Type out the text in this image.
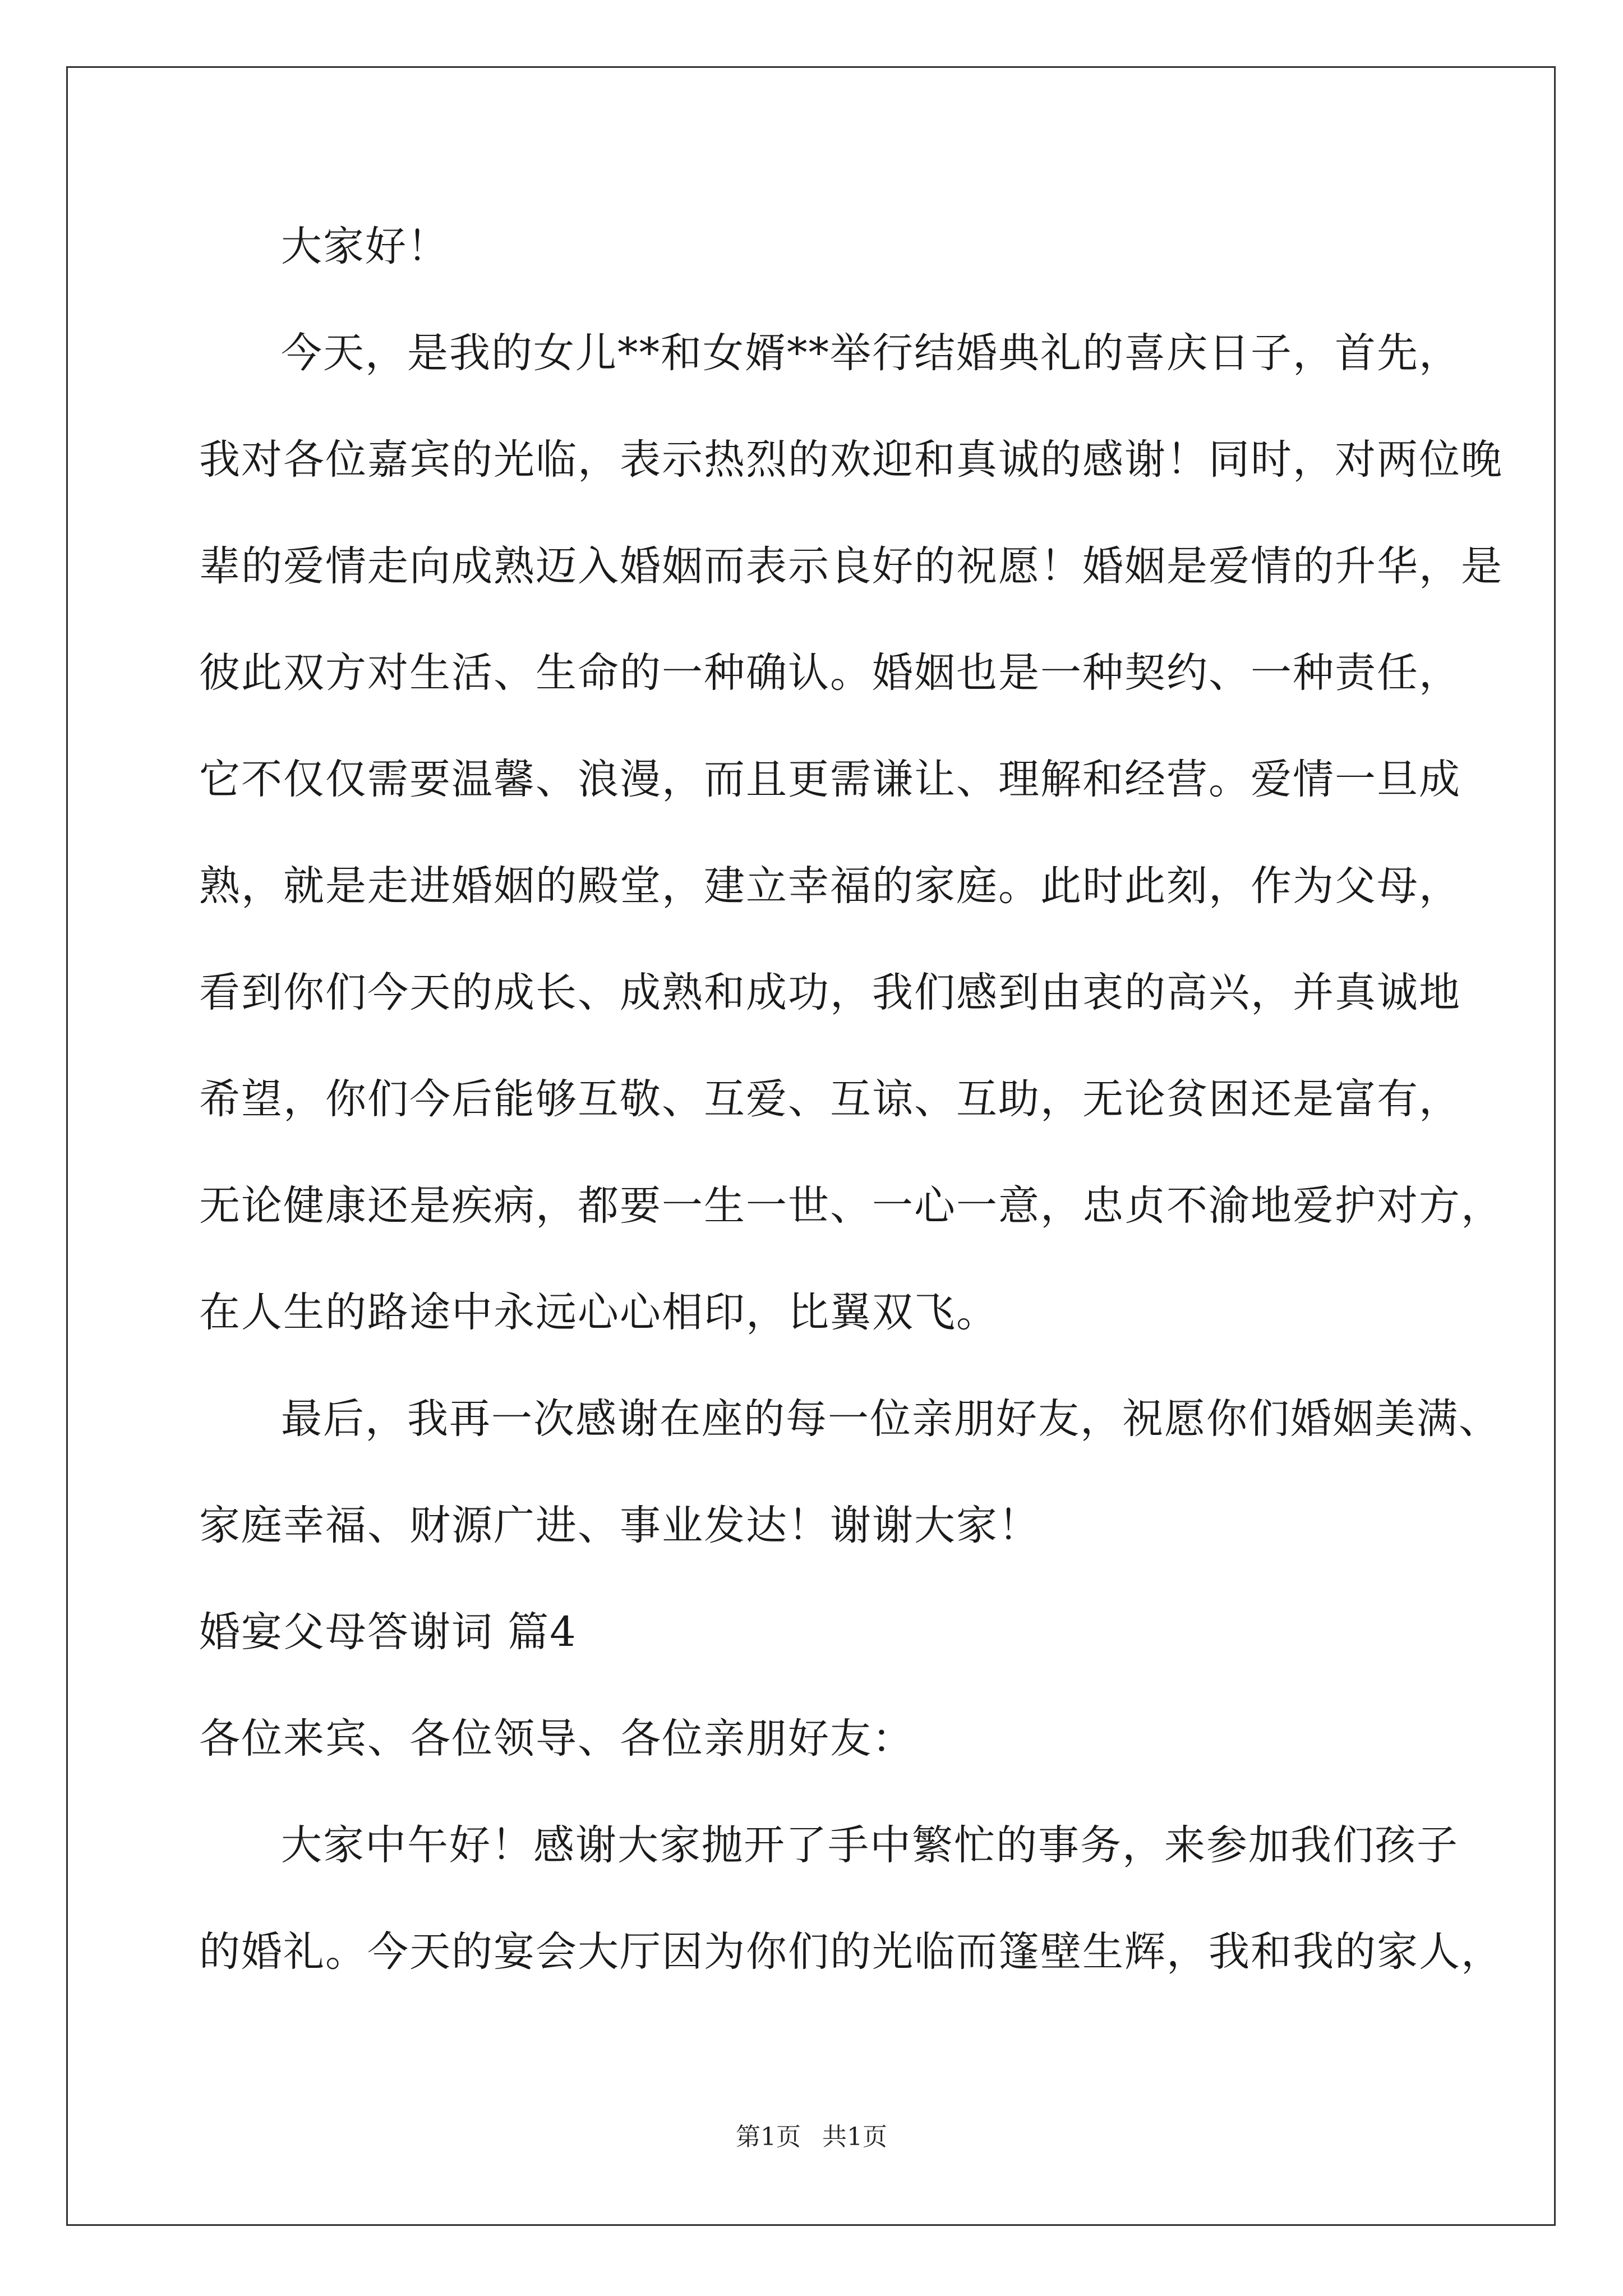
大家好！
今天，是我的女儿**和女婿**举行结婚典礼的喜庆日子，首先，
我对各位嘉宾的光临，表示热烈的欢迎和真诚的感谢！同时，对两位晚
辈的爱情走向成熟迈入婚姻而表示良好的祝愿！婚姻是爱情的升华，是
彼此双方对生活、生命的一种确认。婚姻也是一种契约、一种责任，
它不仅仅需要温馨、浪漫，而且更需谦让、理解和经营。爱情一旦成
熟，就是走进婚姻的殿堂，建立幸福的家庭。此时此刻，作为父母，
看到你们今天的成长、成熟和成功，我们感到由衷的高兴，并真诚地
希望，你们今后能够互敬、互爱、互谅、互助，无论贫困还是富有，
无论健康还是疾病，都要一生一世、一心一意，忠贞不渝地爱护对方，
在人生的路途中永远心心相印，比翼双飞。
最后，我再一次感谢在座的每一位亲朋好友，祝愿你们婚姻美满、
家庭幸福、财源广进、事业发达！谢谢大家！
婚宴父母答谢词 篇4
各位来宾、各位领导、各位亲朋好友：
大家中午好！感谢大家抛开了手中繁忙的事务，来参加我们孩子
的婚礼。今天的宴会大厅因为你们的光临而篷壁生辉，我和我的家人，
第1页 共1页
